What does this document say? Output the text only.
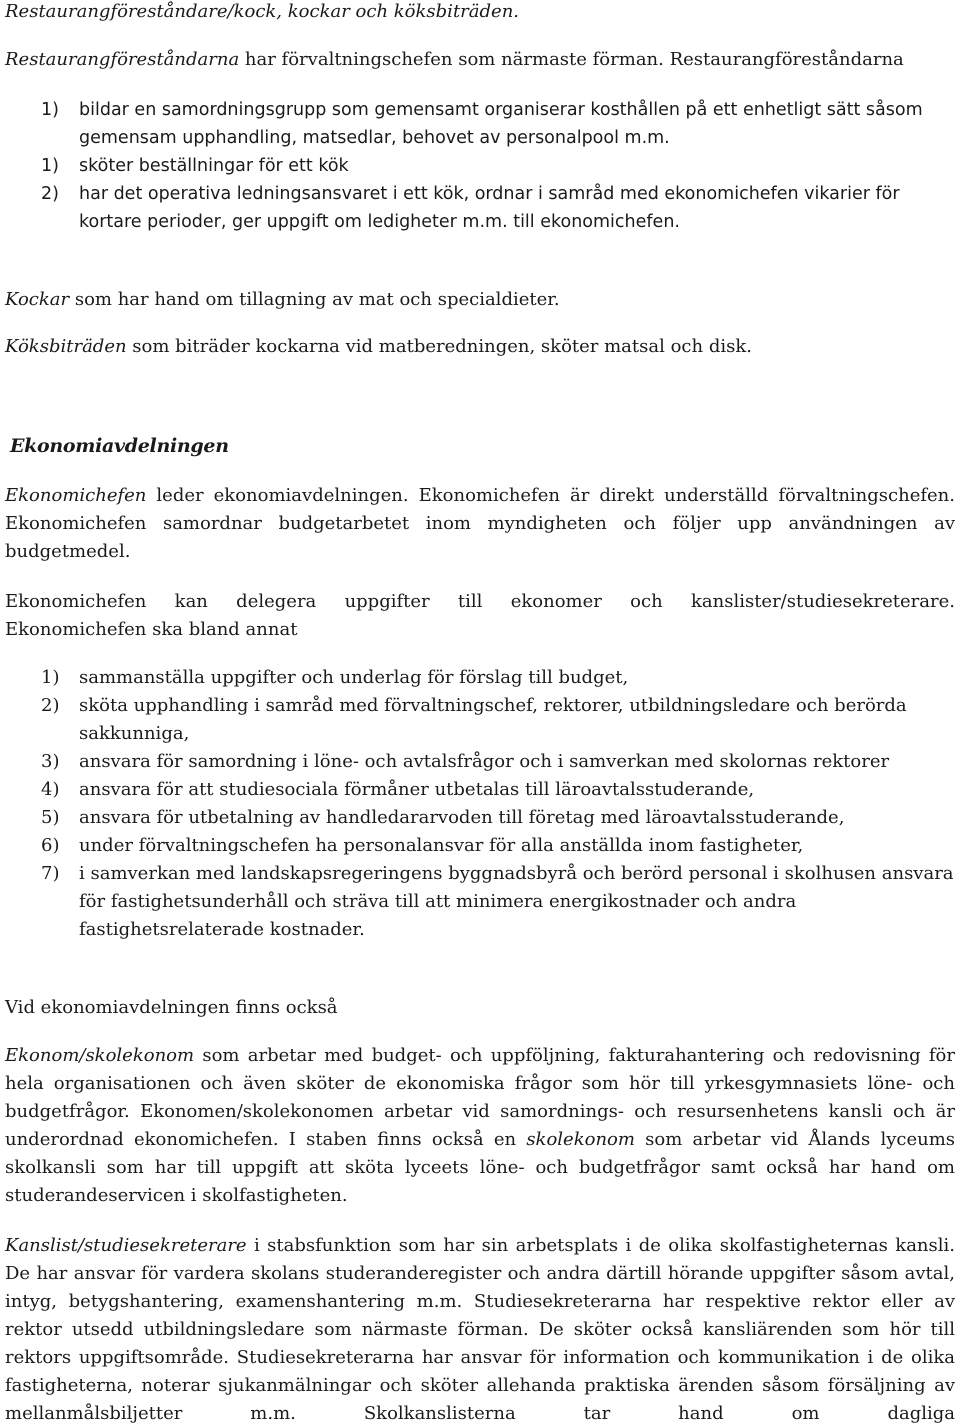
Restaurangföreståndare/kock, kockar och köksbiträden.

Restaurangföreståndarna har förvaltningschefen som närmaste förman. Restaurangföreståndarna

1) bildar en samordningsgrupp som gemensamt organiserar kosthållen på ett enhetligt sätt såsom gemensam upphandling, matsedlar, behovet av personalpool m.m.
1) sköter beställningar för ett kök
2) har det operativa ledningsansvaret i ett kök, ordnar i samråd med ekonomichefen vikarier för kortare perioder, ger uppgift om ledigheter m.m. till ekonomichefen.

Kockar som har hand om tillagning av mat och specialdieter.

Köksbiträden som biträder kockarna vid matberedningen, sköter matsal och disk.

Ekonomiavdelningen

Ekonomichefen leder ekonomiavdelningen. Ekonomichefen är direkt underställd förvaltningschefen. Ekonomichefen samordnar budgetarbetet inom myndigheten och följer upp användningen av budgetmedel.

Ekonomichefen kan delegera uppgifter till ekonomer och kanslister/studiesekreterare.

Ekonomichefen ska bland annat

1) sammanställa uppgifter och underlag för förslag till budget,
2) sköta upphandling i samråd med förvaltningschef, rektorer, utbildningsledare och berörda sakkunniga,
3) ansvara för samordning i löne- och avtalsfrågor och i samverkan med skolornas rektorer
4) ansvara för att studiesociala förmåner utbetalas till läroavtalsstuderande,
5) ansvara för utbetalning av handledararvoden till företag med läroavtalsstuderande,
6) under förvaltningschefen ha personalansvar för alla anställda inom fastigheter,
7) i samverkan med landskapsregeringens byggnadsbyrå och berörd personal i skolhusen ansvara för fastighetsunderhåll och sträva till att minimera energikostnader och andra fastighetsrelaterade kostnader.

Vid ekonomiavdelningen finns också

Ekonom/skolekonom som arbetar med budget- och uppföljning, fakturahantering och redovisning för hela organisationen och även sköter de ekonomiska frågor som hör till yrkesgymnasiets löne- och budgetfrågor. Ekonomen/skolekonomen arbetar vid samordnings- och resursenhetens kansli och är underordnad ekonomichefen. I staben finns också en skolekonom som arbetar vid Ålands lyceums skolkansli som har till uppgift att sköta lyceets löne- och budgetfrågor samt också har hand om studerandeservicen i skolfastigheten.

Kanslist/studiesekreterare i stabsfunktion som har sin arbetsplats i de olika skolfastigheternas kansli. De har ansvar för vardera skolans studeranderegister och andra därtill hörande uppgifter såsom avtal, intyg, betygshantering, examenshantering m.m. Studiesekreterarna har respektive rektor eller av rektor utsedd utbildningsledare som närmaste förman. De sköter också kansliärenden som hör till rektors uppgiftsområde. Studiesekreterarna har ansvar för information och kommunikation i de olika fastigheterna, noterar sjukanmälningar och sköter allehanda praktiska ärenden såsom försäljning av mellanmålsbiljetter m.m. Skolkanslisterna tar hand om dagliga
